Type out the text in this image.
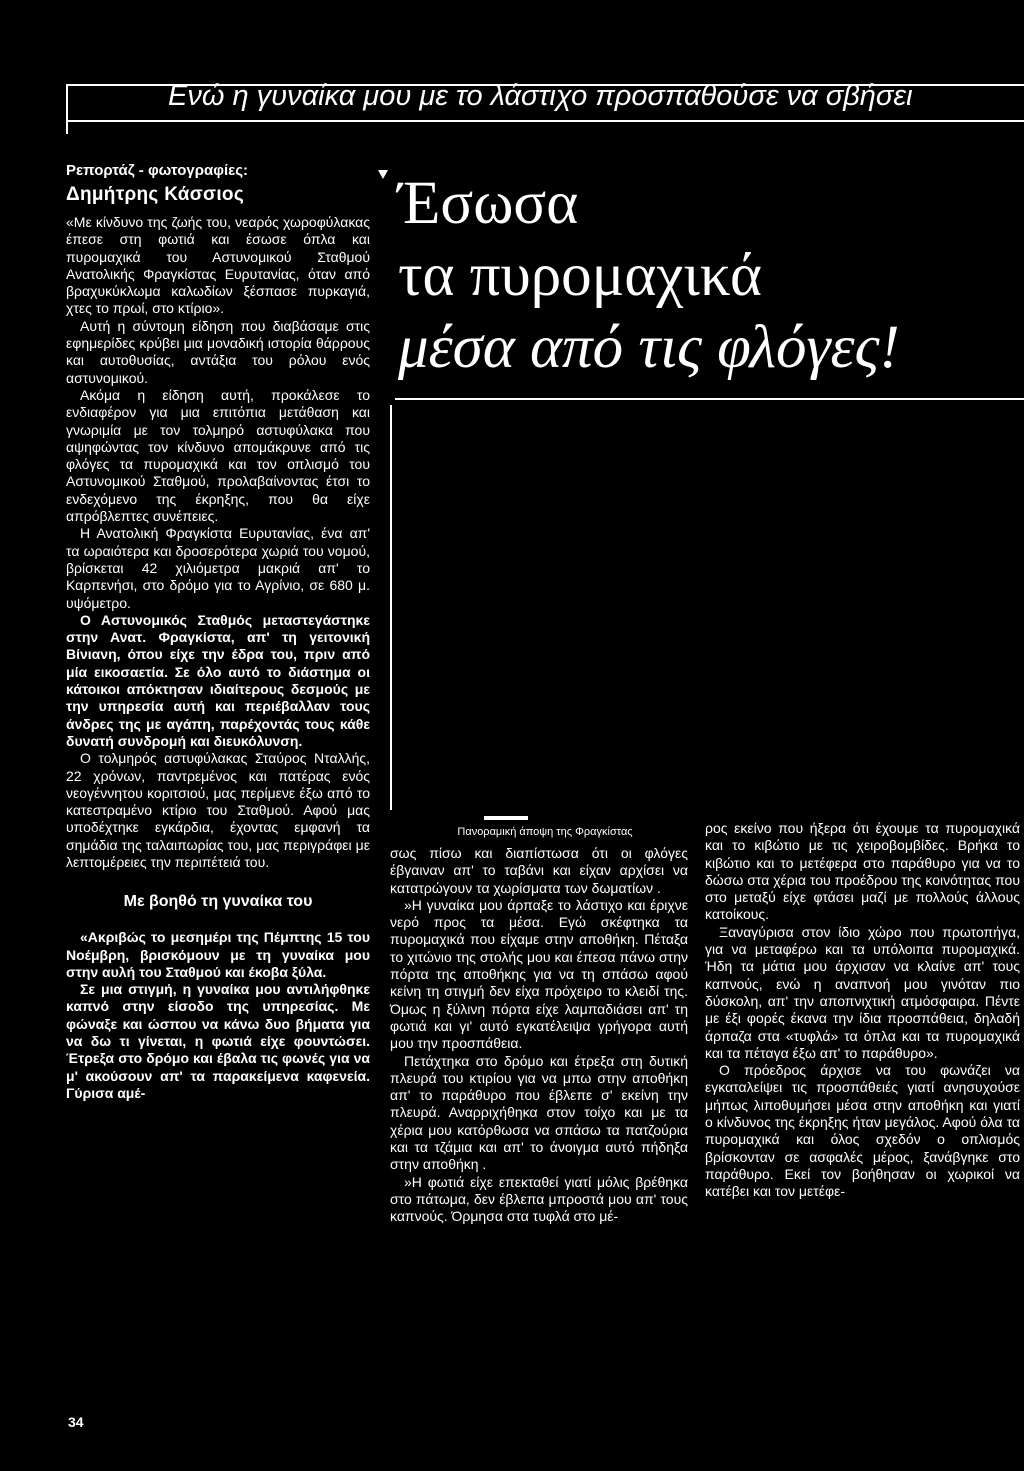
Ενώ η γυναίκα μου με το λάστιχο προσπαθούσε να σβήσει
Ρεπορτάζ - φωτογραφίες:
Δημήτρης Κάσσιος

«Με κίνδυνο της ζωής του, νεαρός χωροφύλακας έπεσε στη φωτιά και έσωσε όπλα και πυρομαχικά του Αστυνομικού Σταθμού Ανατολικής Φραγκίστας Ευρυτανίας, όταν από βραχυκύκλωμα καλωδίων ξέσπασε πυρκαγιά, χτες το πρωί, στο κτίριο».

Αυτή η σύντομη είδηση που διαβάσαμε στις εφημερίδες κρύβει μια μοναδική ιστορία θάρρους και αυτοθυσίας, αντάξια του ρόλου ενός αστυνομικού.

Ακόμα η είδηση αυτή, προκάλεσε το ενδιαφέρον για μια επιτόπια μετάθαση και γνωριμία με τον τολμηρό αστυφύλακα που αψηφώντας τον κίνδυνο απομάκρυνε από τις φλόγες τα πυρομαχικά και τον οπλισμό του Αστυνομικού Σταθμού, προλαβαίνοντας έτσι το ενδεχόμενο της έκρηξης, που θα είχε απρόβλεπτες συνέπειες.

Η Ανατολική Φραγκίστα Ευρυτανίας, ένα απ' τα ωραιότερα και δροσερότερα χωριά του νομού, βρίσκεται 42 χιλιόμετρα μακριά απ' το Καρπενήσι, στο δρόμο για το Αγρίνιο, σε 680 μ. υψόμετρο.

Ο Αστυνομικός Σταθμός μεταστεγάστηκε στην Ανατ. Φραγκίστα, απ' τη γειτονική Βίνιανη, όπου είχε την έδρα του, πριν από μία εικοσαετία. Σε όλο αυτό το διάστημα οι κάτοικοι απόκτησαν ιδιαίτερους δεσμούς με την υπηρεσία αυτή και περιέβαλλαν τους άνδρες της με αγάπη, παρέχοντάς τους κάθε δυνατή συνδρομή και διευκόλυνση.

Ο τολμηρός αστυφύλακας Σταύρος Νταλλής, 22 χρόνων, παντρεμένος και πατέρας ενός νεογέννητου κοριτσιού, μας περίμενε έξω από το κατεστραμένο κτίριο του Σταθμού. Αφού μας υποδέχτηκε εγκάρδια, έχοντας εμφανή τα σημάδια της ταλαιπωρίας του, μας περιγράφει με λεπτομέρειες την περιπέτειά του.

Με βοηθό τη γυναίκα του

«Ακριβώς το μεσημέρι της Πέμπτης 15 του Νοέμβρη, βρισκόμουν με τη γυναίκα μου στην αυλή του Σταθμού και έκοβα ξύλα.

Σε μια στιγμή, η γυναίκα μου αντιλήφθηκε καπνό στην είσοδο της υπηρεσίας. Με φώναξε και ώσπου να κάνω δυο βήματα για να δω τι γίνεται, η φωτιά είχε φουντώσει. Έτρεξα στο δρόμο και έβαλα τις φωνές για να μ' ακούσουν απ' τα παρακείμενα καφενεία. Γύρισα αμέ-

Έσωσα
τα πυρομαχικά
μέσα από τις φλόγες!
Πανοραμική άποψη της Φραγκίστας

σως πίσω και διαπίστωσα ότι οι φλόγες έβγαιναν απ' το ταβάνι και είχαν αρχίσει να κατατρώγουν τα χωρίσματα των δωματίων .

»Η γυναίκα μου άρπαξε το λάστιχο και έριχνε νερό προς τα μέσα. Εγώ σκέφτηκα τα πυρομαχικά που είχαμε στην αποθήκη. Πέταξα το χιτώνιο της στολής μου και έπεσα πάνω στην πόρτα της αποθήκης για να τη σπάσω αφού κείνη τη στιγμή δεν είχα πρόχειρο το κλειδί της. Όμως η ξύλινη πόρτα είχε λαμπαδιάσει απ' τη φωτιά και γι' αυτό εγκατέλειψα γρήγορα αυτή μου την προσπάθεια.

Πετάχτηκα στο δρόμο και έτρεξα στη δυτική πλευρά του κτιρίου για να μπω στην αποθήκη απ' το παράθυρο που έβλεπε σ' εκείνη την πλευρά. Αναρριχήθηκα στον τοίχο και με τα χέρια μου κατόρθωσα να σπάσω τα πατζούρια και τα τζάμια και απ' το άνοιγμα αυτό πήδηξα στην αποθήκη .

»Η φωτιά είχε επεκταθεί γιατί μόλις βρέθηκα στο πάτωμα, δεν έβλεπα μπροστά μου απ' τους καπνούς. Όρμησα στα τυφλά στο μέ-

ρος εκείνο που ήξερα ότι έχουμε τα πυρομαχικά και το κιβώτιο με τις χειροβομβίδες. Βρήκα το κιβώτιο και το μετέφερα στο παράθυρο για να το δώσω στα χέρια του προέδρου της κοινότητας που στο μεταξύ είχε φτάσει μαζί με πολλούς άλλους κατοίκους.

Ξαναγύρισα στον ίδιο χώρο που πρωτοπήγα, για να μεταφέρω και τα υπόλοιπα πυρομαχικά. Ήδη τα μάτια μου άρχισαν να κλαίνε απ' τους καπνούς, ενώ η αναπνοή μου γινόταν πιο δύσκολη, απ' την αποπνιχτική ατμόσφαιρα. Πέντε με έξι φορές έκανα την ίδια προσπάθεια, δηλαδή άρπαζα στα «τυφλά» τα όπλα και τα πυρομαχικά και τα πέταγα έξω απ' το παράθυρο».

Ο πρόεδρος άρχισε να του φωνάζει να εγκαταλείψει τις προσπάθειές γιατί ανησυχούσε μήπως λιποθυμήσει μέσα στην αποθήκη και γιατί ο κίνδυνος της έκρηξης ήταν μεγάλος. Αφού όλα τα πυρομαχικά και όλος σχεδόν ο οπλισμός βρίσκονταν σε ασφαλές μέρος, ξανάβγηκε στο παράθυρο. Εκεί τον βοήθησαν οι χωρικοί να κατέβει και τον μετέφε-

34
